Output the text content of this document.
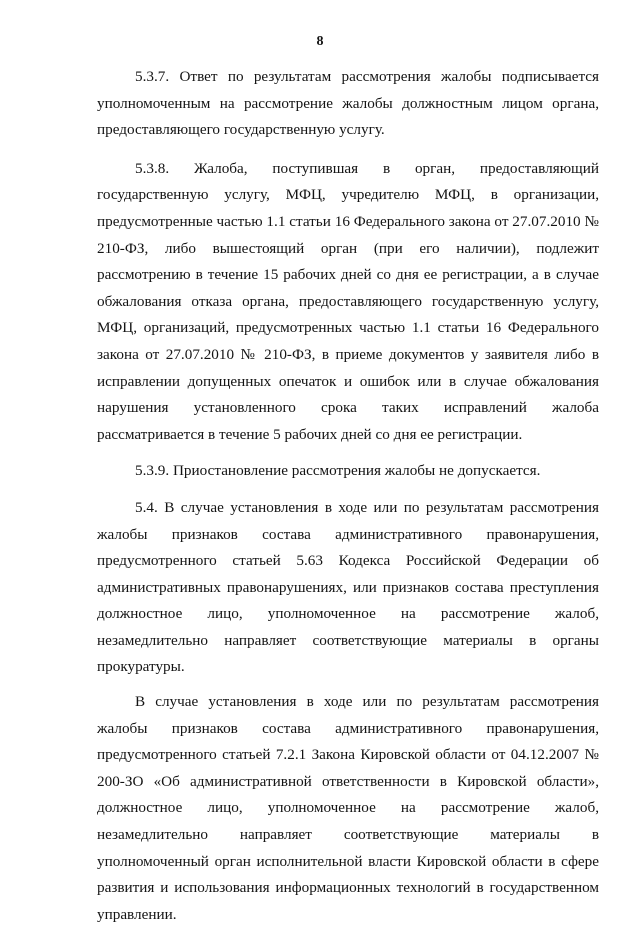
8

5.3.7. Ответ по результатам рассмотрения жалобы подписывается уполномоченным на рассмотрение жалобы должностным лицом органа, предоставляющего государственную услугу.

5.3.8. Жалоба, поступившая в орган, предоставляющий государственную услугу, МФЦ, учредителю МФЦ, в организации, предусмотренные частью 1.1 статьи 16 Федерального закона от 27.07.2010 № 210-ФЗ, либо вышестоящий орган (при его наличии), подлежит рассмотрению в течение 15 рабочих дней со дня ее регистрации, а в случае обжалования отказа органа, предоставляющего государственную услугу, МФЦ, организаций, предусмотренных частью 1.1 статьи 16 Федерального закона от 27.07.2010 № 210-ФЗ, в приеме документов у заявителя либо в исправлении допущенных опечаток и ошибок или в случае обжалования нарушения установленного срока таких исправлений жалоба рассматривается в течение 5 рабочих дней со дня ее регистрации.

5.3.9. Приостановление рассмотрения жалобы не допускается.

5.4. В случае установления в ходе или по результатам рассмотрения жалобы признаков состава административного правонарушения, предусмотренного статьей 5.63 Кодекса Российской Федерации об административных правонарушениях, или признаков состава преступления должностное лицо, уполномоченное на рассмотрение жалоб, незамедлительно направляет соответствующие материалы в органы прокуратуры.

В случае установления в ходе или по результатам рассмотрения жалобы признаков состава административного правонарушения, предусмотренного статьей 7.2.1 Закона Кировской области от 04.12.2007 № 200-ЗО «Об административной ответственности в Кировской области», должностное лицо, уполномоченное на рассмотрение жалоб, незамедлительно направляет соответствующие материалы в уполномоченный орган исполнительной власти Кировской области в сфере развития и использования информационных технологий в государственном управлении.
